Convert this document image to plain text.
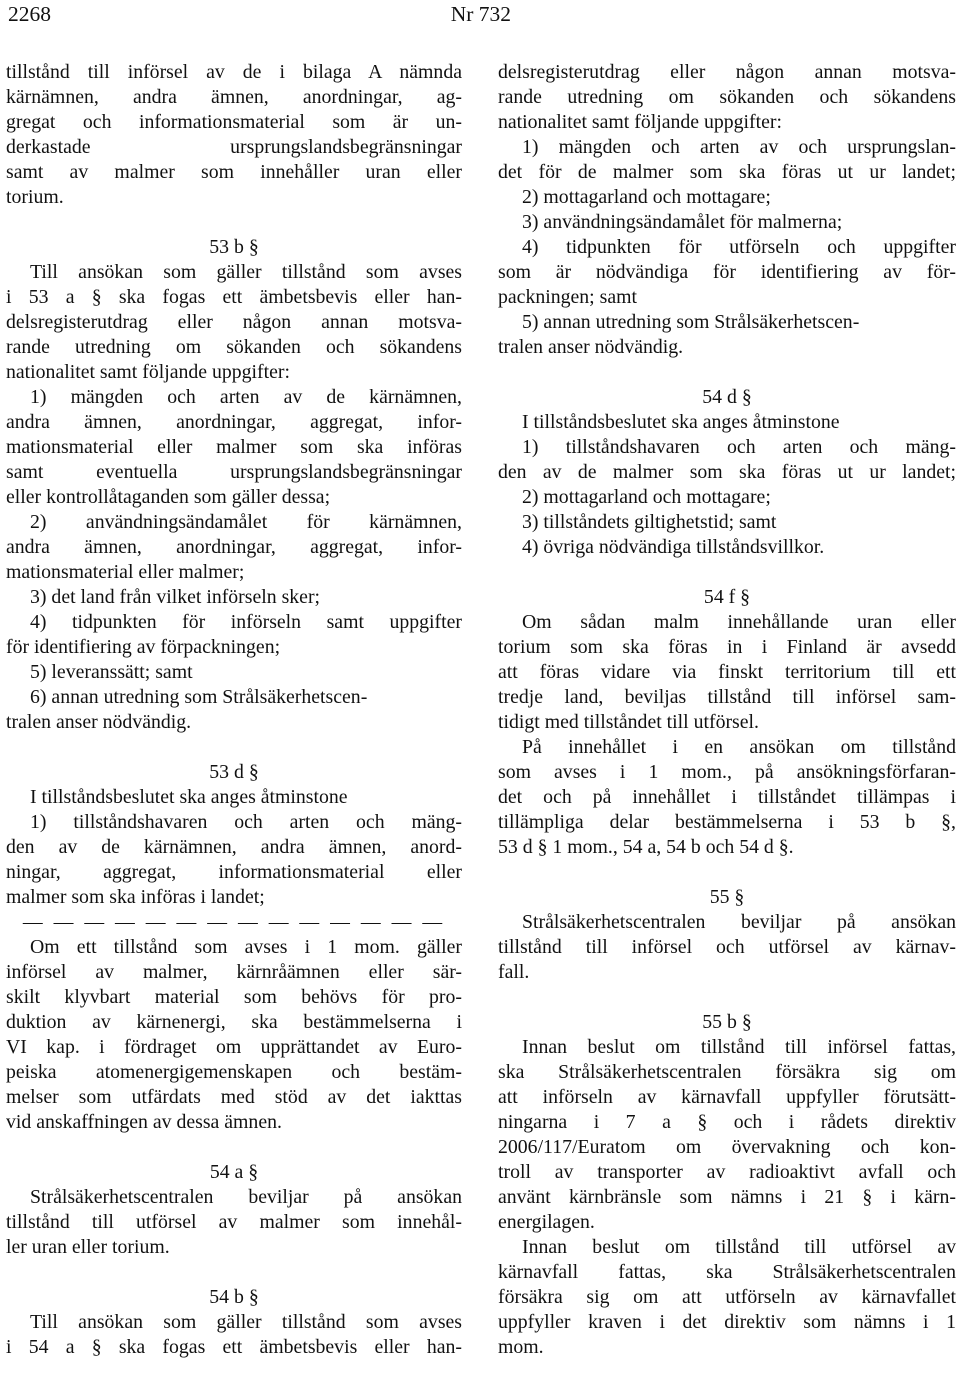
2268	Nr 732
tillstånd till införsel av de i bilaga A nämnda
kärnämnen, andra ämnen, anordningar, ag-
gregat och informationsmaterial som är un-
derkastade ursprungslandsbegränsningar
samt av malmer som innehåller uran eller
torium.
53 b §
Till ansökan som gäller tillstånd som avses
i 53 a § ska fogas ett ämbetsbevis eller han-
delsregisterutdrag eller någon annan motsva-
rande utredning om sökanden och sökandens
nationalitet samt följande uppgifter:
1) mängden och arten av de kärnämnen,
andra ämnen, anordningar, aggregat, infor-
mationsmaterial eller malmer som ska införas
samt eventuella ursprungslandsbegränsningar
eller kontrollåtaganden som gäller dessa;
2) användningsändamålet för kärnämnen,
andra ämnen, anordningar, aggregat, infor-
mationsmaterial eller malmer;
3) det land från vilket införseln sker;
4) tidpunkten för införseln samt uppgifter
för identifiering av förpackningen;
5) leveranssätt; samt
6) annan utredning som Strålsäkerhetscen-
tralen anser nödvändig.
53 d §
I tillståndsbeslutet ska anges åtminstone
1) tillståndshavaren och arten och mäng-
den av de kärnämnen, andra ämnen, anord-
ningar, aggregat, informationsmaterial eller
malmer som ska införas i landet;
— — — — — — — — — — — — — —
Om ett tillstånd som avses i 1 mom. gäller
införsel av malmer, kärnråämnen eller sär-
skilt klyvbart material som behövs för pro-
duktion av kärnenergi, ska bestämmelserna i
VI kap. i fördraget om upprättandet av Euro-
peiska atomenergigemenskapen och bestäm-
melser som utfärdats med stöd av det iakttas
vid anskaffningen av dessa ämnen.
54 a §
Strålsäkerhetscentralen beviljar på ansökan
tillstånd till utförsel av malmer som innehål-
ler uran eller torium.
54 b §
Till ansökan som gäller tillstånd som avses
i 54 a § ska fogas ett ämbetsbevis eller han-
delsregisterutdrag eller någon annan motsva-
rande utredning om sökanden och sökandens
nationalitet samt följande uppgifter:
1) mängden och arten av och ursprungslan-
det för de malmer som ska föras ut ur landet;
2) mottagarland och mottagare;
3) användningsändamålet för malmerna;
4) tidpunkten för utförseln och uppgifter
som är nödvändiga för identifiering av för-
packningen; samt
5) annan utredning som Strålsäkerhetscen-
tralen anser nödvändig.
54 d §
I tillståndsbeslutet ska anges åtminstone
1) tillståndshavaren och arten och mäng-
den av de malmer som ska föras ut ur landet;
2) mottagarland och mottagare;
3) tillståndets giltighetstid; samt
4) övriga nödvändiga tillståndsvillkor.
54 f §
Om sådan malm innehållande uran eller
torium som ska föras in i Finland är avsedd
att föras vidare via finskt territorium till ett
tredje land, beviljas tillstånd till införsel sam-
tidigt med tillståndet till utförsel.
På innehållet i en ansökan om tillstånd
som avses i 1 mom., på ansökningsförfaran-
det och på innehållet i tillståndet tillämpas i
tillämpliga delar bestämmelserna i 53 b §,
53 d § 1 mom., 54 a, 54 b och 54 d §.
55 §
Strålsäkerhetscentralen beviljar på ansökan
tillstånd till införsel och utförsel av kärnav-
fall.
55 b §
Innan beslut om tillstånd till införsel fattas,
ska Strålsäkerhetscentralen försäkra sig om
att införseln av kärnavfall uppfyller förutsätt-
ningarna i 7 a § och i rådets direktiv
2006/117/Euratom om övervakning och kon-
troll av transporter av radioaktivt avfall och
använt kärnbränsle som nämns i 21 § i kärn-
energilagen.
Innan beslut om tillstånd till utförsel av
kärnavfall fattas, ska Strålsäkerhetscentralen
försäkra sig om att utförseln av kärnavfallet
uppfyller kraven i det direktiv som nämns i 1
mom.
